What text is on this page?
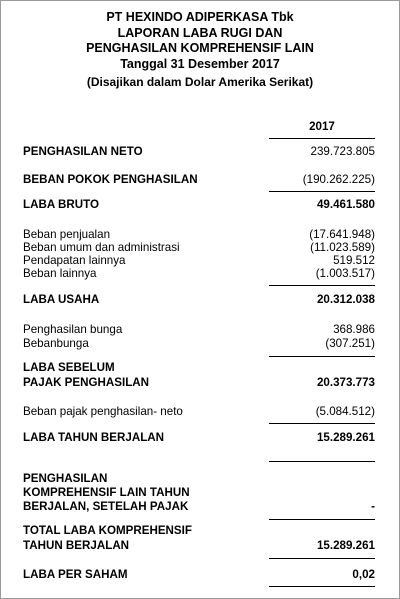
PT HEXINDO ADIPERKASA Tbk
LAPORAN LABA RUGI DAN
PENGHASILAN KOMPREHENSIF LAIN
Tanggal 31 Desember 2017
(Disajikan dalam Dolar Amerika Serikat)
2017
PENGHASILAN NETO	239.723.805
BEBAN POKOK PENGHASILAN	(190.262.225)
LABA BRUTO	49.461.580
Beban penjualan	(17.641.948)
Beban umum dan administrasi	(11.023.589)
Pendapatan lainnya	519.512
Beban lainnya	(1.003.517)
LABA USAHA	20.312.038
Penghasilan bunga	368.986
Bebanbunga	(307.251)
LABA SEBELUM
PAJAK PENGHASILAN	20.373.773
Beban pajak penghasilan- neto	(5.084.512)
LABA TAHUN BERJALAN	15.289.261
PENGHASILAN
KOMPREHENSIF LAIN TAHUN
BERJALAN, SETELAH PAJAK	-
TOTAL LABA KOMPREHENSIF
TAHUN BERJALAN	15.289.261
LABA PER SAHAM	0,02
